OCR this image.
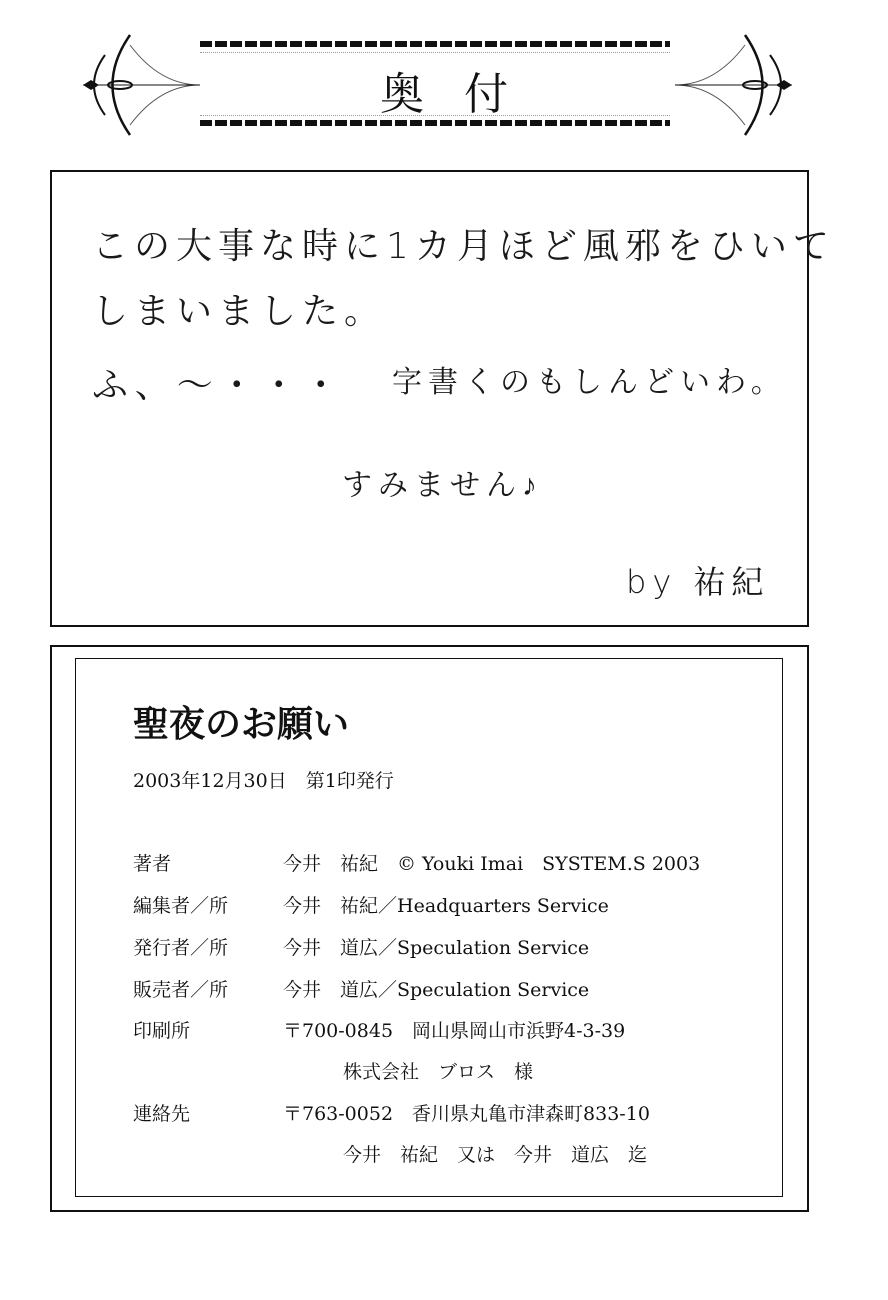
奥付
この大事な時に1カ月ほど風邪をひいて
しまいました。
ふ、〜・・・ 字書くのもしんどいわ。
すみません♪
by 祐紀
聖夜のお願い
2003年12月30日　第1印発行
著者	今井　祐紀　© Youki Imai　SYSTEM.S 2003
編集者／所	今井　祐紀／Headquarters Service
発行者／所	今井　道広／Speculation Service
販売者／所	今井　道広／Speculation Service
印刷所	〒700-0845　岡山県岡山市浜野4-3-39
株式会社　ブロス　様
連絡先	〒763-0052　香川県丸亀市津森町833-10
今井　祐紀　又は　今井　道広　迄
